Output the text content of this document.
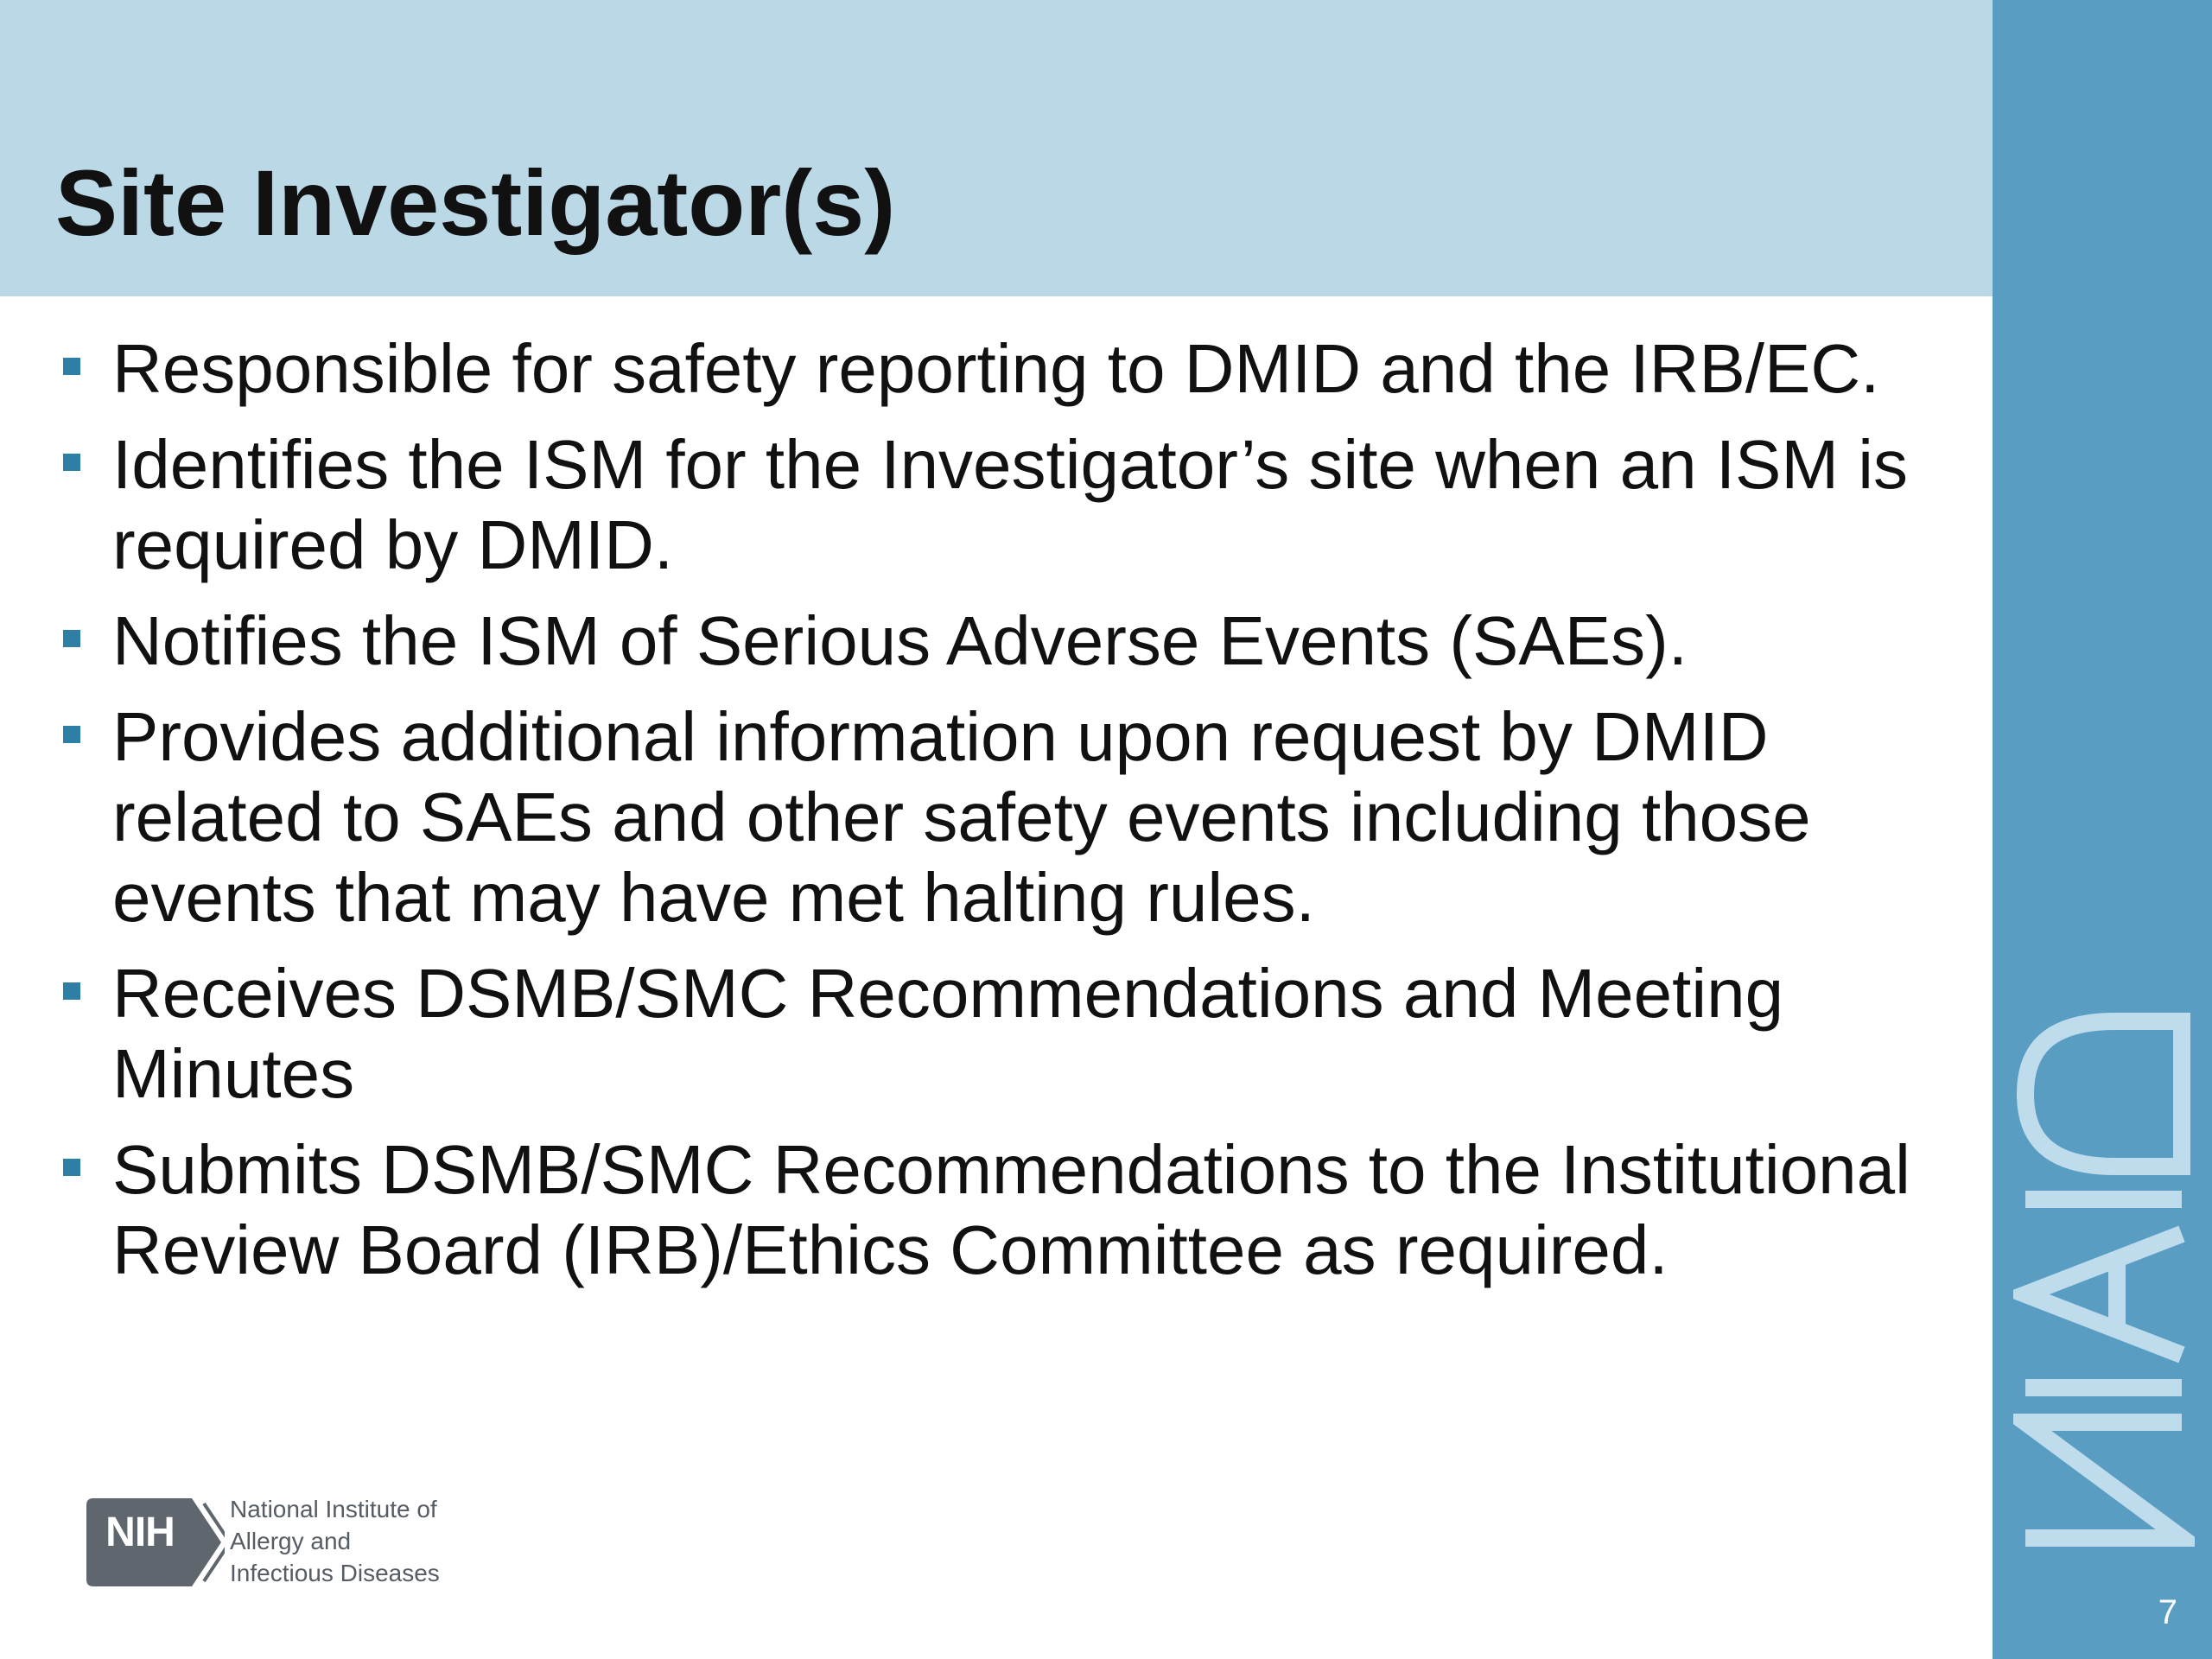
Site Investigator(s)
7
Responsible for safety reporting to DMID and the IRB/EC.
Identifies the ISM for the Investigator’s site when an ISM is required by DMID.
Notifies the ISM of Serious Adverse Events (SAEs).
Provides additional information upon request by DMID related to SAEs and other safety events including those events that may have met halting rules.
Receives DSMB/SMC Recommendations and Meeting Minutes
Submits DSMB/SMC Recommendations to the Institutional Review Board (IRB)/Ethics Committee as required.
NIH
National Institute of
Allergy and
Infectious Diseases
